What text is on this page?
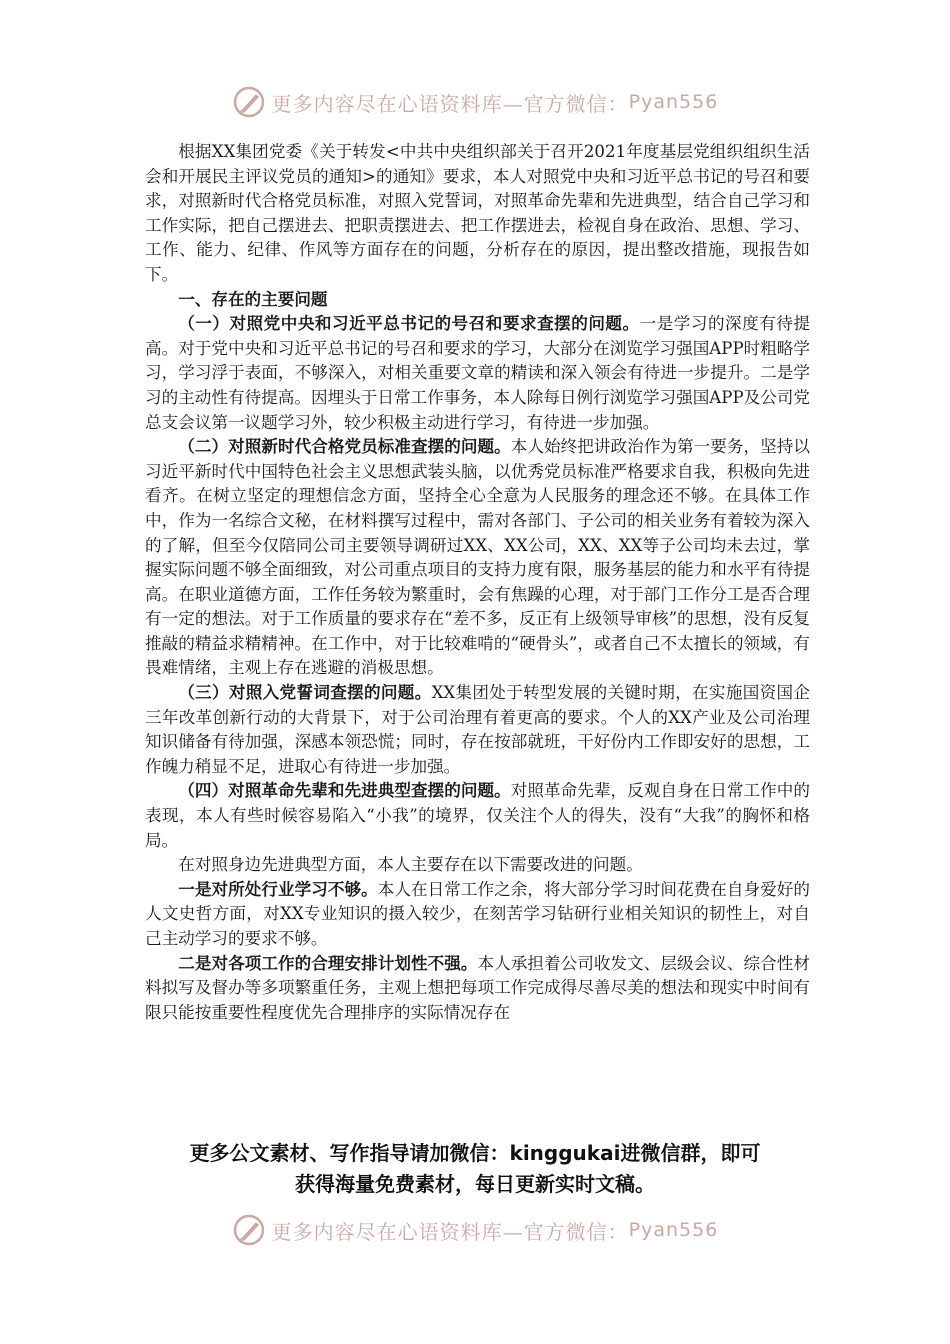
更多内容尽在心语资料库—官方微信： Pyan556

根据XX集团党委《关于转发<中共中央组织部关于召开2021年度基层党组织组织生活会和开展民主评议党员的通知>的通知》要求，本人对照党中央和习近平总书记的号召和要求，对照新时代合格党员标准，对照入党誓词，对照革命先辈和先进典型，结合自己学习和工作实际，把自己摆进去、把职责摆进去、把工作摆进去，检视自身在政治、思想、学习、工作、能力、纪律、作风等方面存在的问题，分析存在的原因，提出整改措施，现报告如下。

一、存在的主要问题

（一）对照党中央和习近平总书记的号召和要求查摆的问题。一是学习的深度有待提高。对于党中央和习近平总书记的号召和要求的学习，大部分在浏览学习强国APP时粗略学习，学习浮于表面，不够深入，对相关重要文章的精读和深入领会有待进一步提升。二是学习的主动性有待提高。因埋头于日常工作事务，本人除每日例行浏览学习强国APP及公司党总支会议第一议题学习外，较少积极主动进行学习，有待进一步加强。

（二）对照新时代合格党员标准查摆的问题。本人始终把讲政治作为第一要务，坚持以习近平新时代中国特色社会主义思想武装头脑，以优秀党员标准严格要求自我，积极向先进看齐。在树立坚定的理想信念方面，坚持全心全意为人民服务的理念还不够。在具体工作中，作为一名综合文秘，在材料撰写过程中，需对各部门、子公司的相关业务有着较为深入的了解，但至今仅陪同公司主要领导调研过XX、XX公司，XX、XX等子公司均未去过，掌握实际问题不够全面细致，对公司重点项目的支持力度有限，服务基层的能力和水平有待提高。在职业道德方面，工作任务较为繁重时，会有焦躁的心理，对于部门工作分工是否合理有一定的想法。对于工作质量的要求存在“差不多，反正有上级领导审核”的思想，没有反复推敲的精益求精精神。在工作中，对于比较难啃的“硬骨头”，或者自己不太擅长的领域，有畏难情绪，主观上存在逃避的消极思想。

（三）对照入党誓词查摆的问题。XX集团处于转型发展的关键时期，在实施国资国企三年改革创新行动的大背景下，对于公司治理有着更高的要求。个人的XX产业及公司治理知识储备有待加强，深感本领恐慌；同时，存在按部就班，干好份内工作即安好的思想，工作魄力稍显不足，进取心有待进一步加强。

（四）对照革命先辈和先进典型查摆的问题。对照革命先辈，反观自身在日常工作中的表现，本人有些时候容易陷入“小我”的境界，仅关注个人的得失，没有“大我”的胸怀和格局。

在对照身边先进典型方面，本人主要存在以下需要改进的问题。

一是对所处行业学习不够。本人在日常工作之余，将大部分学习时间花费在自身爱好的人文史哲方面，对XX专业知识的摄入较少，在刻苦学习钻研行业相关知识的韧性上，对自己主动学习的要求不够。

二是对各项工作的合理安排计划性不强。本人承担着公司收发文、层级会议、综合性材料拟写及督办等多项繁重任务，主观上想把每项工作完成得尽善尽美的想法和现实中时间有限只能按重要性程度优先合理排序的实际情况存在

更多公文素材、写作指导请加微信：kinggukai进微信群，即可
获得海量免费素材，每日更新实时文稿。
更多内容尽在心语资料库—官方微信： Pyan556
